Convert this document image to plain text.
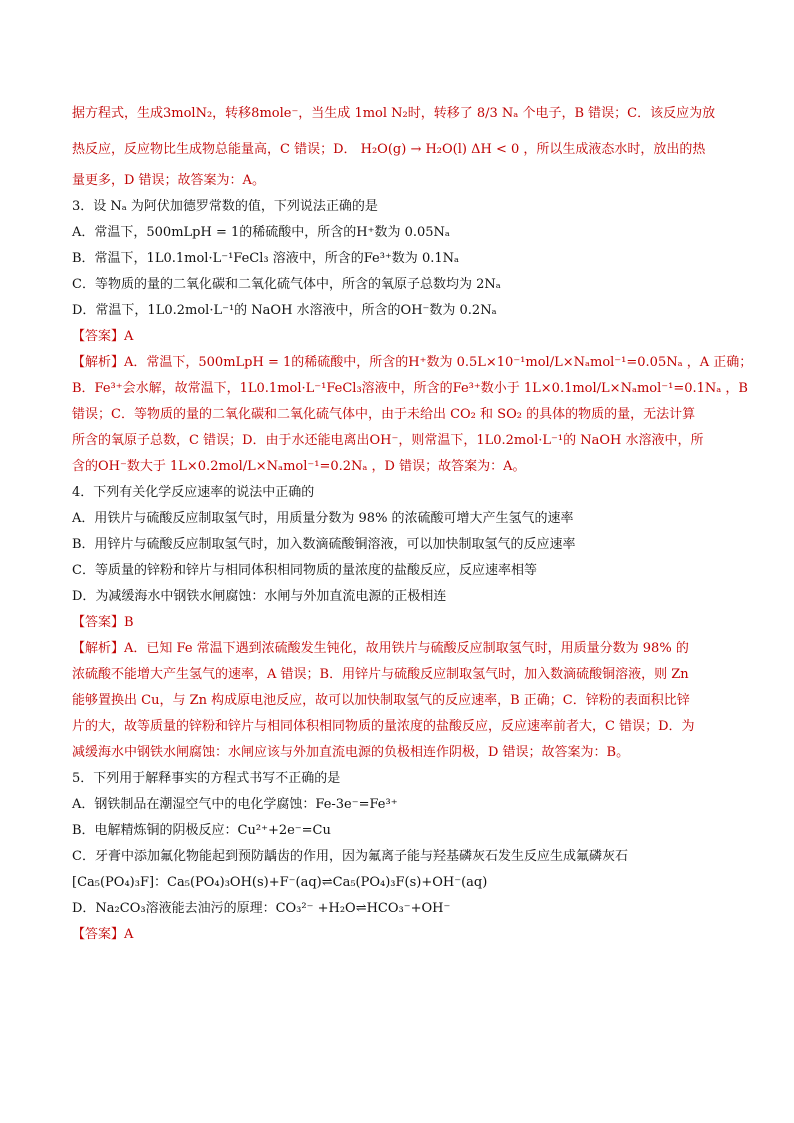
据方程式，生成3molN₂，转移8mole⁻，当生成 1mol N₂时，转移了 8/3 Nₐ 个电子，B 错误；C．该反应为放
热反应，反应物比生成物总能量高，C 错误；D． H₂O(g) → H₂O(l) ΔH < 0 ，所以生成液态水时，放出的热
量更多，D 错误；故答案为：A。
3．设 Nₐ 为阿伏加德罗常数的值，下列说法正确的是
A．常温下，500mLpH = 1的稀硫酸中，所含的H⁺数为 0.05Nₐ
B．常温下，1L0.1mol·L⁻¹FeCl₃ 溶液中，所含的Fe³⁺数为 0.1Nₐ
C．等物质的量的二氧化碳和二氧化硫气体中，所含的氧原子总数均为 2Nₐ
D．常温下，1L0.2mol·L⁻¹的 NaOH 水溶液中，所含的OH⁻数为 0.2Nₐ
【答案】A
【解析】A．常温下，500mLpH = 1的稀硫酸中，所含的H⁺数为 0.5L×10⁻¹mol/L×Nₐmol⁻¹=0.05Nₐ ，A 正确；
B．Fe³⁺会水解，故常温下，1L0.1mol·L⁻¹FeCl₃溶液中，所含的Fe³⁺数小于 1L×0.1mol/L×Nₐmol⁻¹=0.1Nₐ ，B
错误；C．等物质的量的二氧化碳和二氧化硫气体中，由于未给出 CO₂ 和 SO₂ 的具体的物质的量，无法计算
所含的氧原子总数，C 错误；D．由于水还能电离出OH⁻，则常温下，1L0.2mol·L⁻¹的 NaOH 水溶液中，所
含的OH⁻数大于 1L×0.2mol/L×Nₐmol⁻¹=0.2Nₐ ，D 错误；故答案为：A。
4．下列有关化学反应速率的说法中正确的
A．用铁片与硫酸反应制取氢气时，用质量分数为 98% 的浓硫酸可增大产生氢气的速率
B．用锌片与硫酸反应制取氢气时，加入数滴硫酸铜溶液，可以加快制取氢气的反应速率
C．等质量的锌粉和锌片与相同体积相同物质的量浓度的盐酸反应，反应速率相等
D．为减缓海水中钢铁水闸腐蚀：水闸与外加直流电源的正极相连
【答案】B
【解析】A．已知 Fe 常温下遇到浓硫酸发生钝化，故用铁片与硫酸反应制取氢气时，用质量分数为 98% 的
浓硫酸不能增大产生氢气的速率，A 错误；B．用锌片与硫酸反应制取氢气时，加入数滴硫酸铜溶液，则 Zn
能够置换出 Cu，与 Zn 构成原电池反应，故可以加快制取氢气的反应速率，B 正确；C．锌粉的表面积比锌
片的大，故等质量的锌粉和锌片与相同体积相同物质的量浓度的盐酸反应，反应速率前者大，C 错误；D．为
减缓海水中钢铁水闸腐蚀：水闸应该与外加直流电源的负极相连作阴极，D 错误；故答案为：B。
5．下列用于解释事实的方程式书写不正确的是
A．钢铁制品在潮湿空气中的电化学腐蚀：Fe-3e⁻=Fe³⁺
B．电解精炼铜的阴极反应：Cu²⁺+2e⁻=Cu
C．牙膏中添加氟化物能起到预防龋齿的作用，因为氟离子能与羟基磷灰石发生反应生成氟磷灰石
[Ca₅(PO₄)₃F]：Ca₅(PO₄)₃OH(s)+F⁻(aq)⇌Ca₅(PO₄)₃F(s)+OH⁻(aq)
D．Na₂CO₃溶液能去油污的原理：CO₃²⁻ +H₂O⇌HCO₃⁻+OH⁻
【答案】A
